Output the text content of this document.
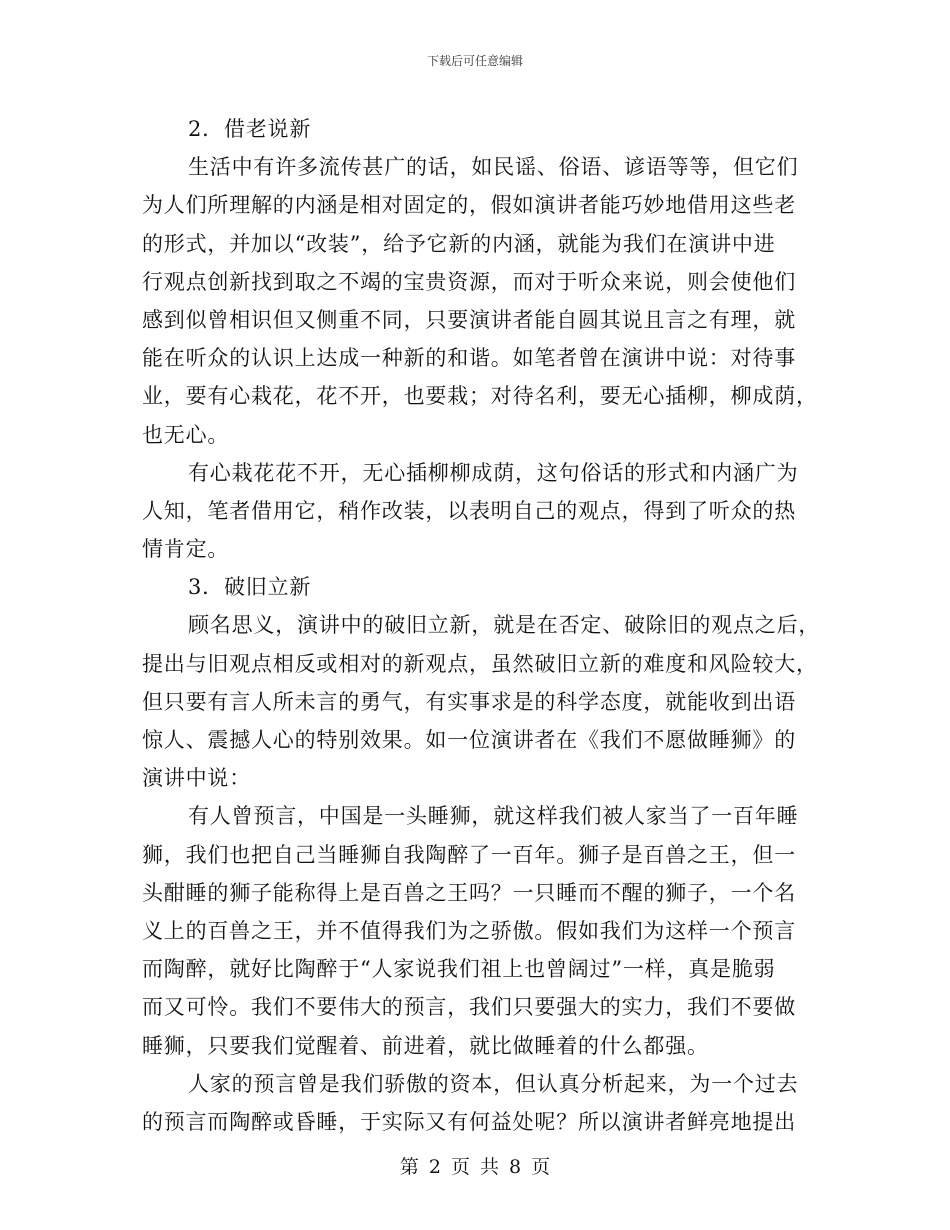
下载后可任意编辑
2．借老说新
生活中有许多流传甚广的话，如民谣、俗语、谚语等等，但它们
为人们所理解的内涵是相对固定的，假如演讲者能巧妙地借用这些老
的形式，并加以“改装”，给予它新的内涵，就能为我们在演讲中进
行观点创新找到取之不竭的宝贵资源，而对于听众来说，则会使他们
感到似曾相识但又侧重不同，只要演讲者能自圆其说且言之有理，就
能在听众的认识上达成一种新的和谐。如笔者曾在演讲中说：对待事
业，要有心栽花，花不开，也要栽；对待名利，要无心插柳，柳成荫，
也无心。
有心栽花花不开，无心插柳柳成荫，这句俗话的形式和内涵广为
人知，笔者借用它，稍作改装，以表明自己的观点，得到了听众的热
情肯定。
3．破旧立新
顾名思义，演讲中的破旧立新，就是在否定、破除旧的观点之后，
提出与旧观点相反或相对的新观点，虽然破旧立新的难度和风险较大，
但只要有言人所未言的勇气，有实事求是的科学态度，就能收到出语
惊人、震撼人心的特别效果。如一位演讲者在《我们不愿做睡狮》的
演讲中说：
有人曾预言，中国是一头睡狮，就这样我们被人家当了一百年睡
狮，我们也把自己当睡狮自我陶醉了一百年。狮子是百兽之王，但一
头酣睡的狮子能称得上是百兽之王吗？一只睡而不醒的狮子，一个名
义上的百兽之王，并不值得我们为之骄傲。假如我们为这样一个预言
而陶醉，就好比陶醉于“人家说我们祖上也曾阔过”一样，真是脆弱
而又可怜。我们不要伟大的预言，我们只要强大的实力，我们不要做
睡狮，只要我们觉醒着、前进着，就比做睡着的什么都强。
人家的预言曾是我们骄傲的资本，但认真分析起来，为一个过去
的预言而陶醉或昏睡，于实际又有何益处呢？所以演讲者鲜亮地提出
第 2 页 共 8 页
